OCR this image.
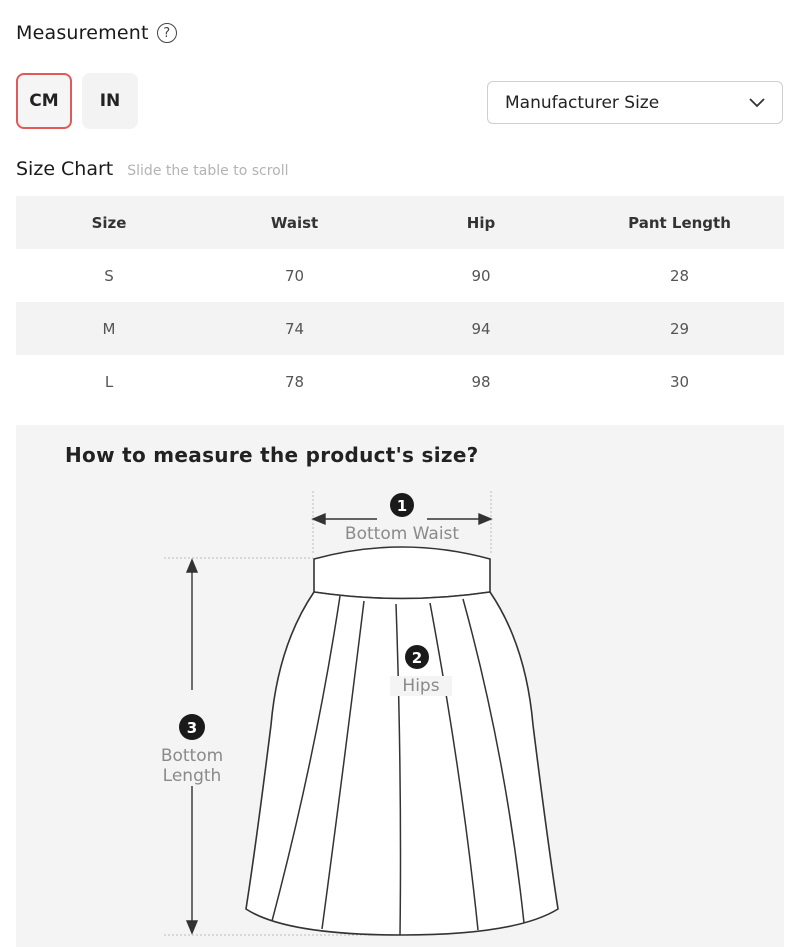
Measurement	?
CM	IN	Manufacturer Size
Size Chart Slide the table to scroll
Size	Waist	Hip	Pant Length
S	70	90	28
M	74	94	29
L	78	98	30
How to measure the product's size?
1
2
3
Bottom Waist
Hips
Bottom
Length
